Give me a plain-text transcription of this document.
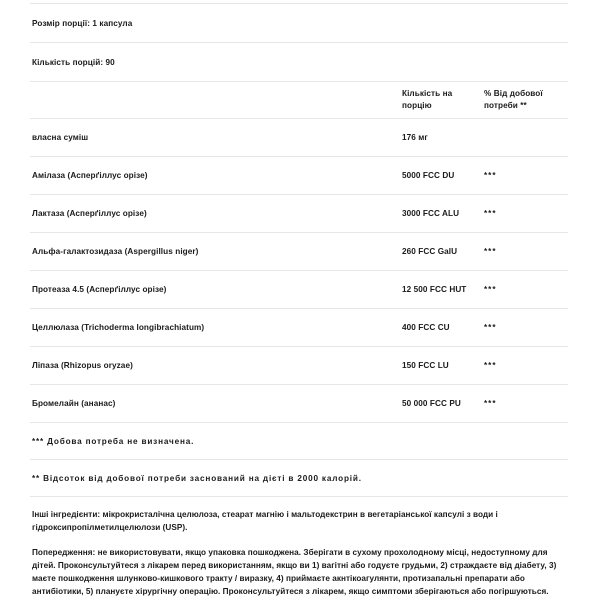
Розмір порції: 1 капсула		
Кількість порцій: 90		

	Кількість на порцію	% Від добової потреби **

власна суміш	176 мг	
Амілаза (Асперґіллус орізе)	5000 FCC DU	***
Лактаза (Асперґіллус орізе)	3000 FCC ALU	***
Альфа-галактозидаза (Aspergillus niger)	260 FCC GalU	***
Протеаза 4.5 (Асперґіллус орізе)	12 500 FCC HUT	***
Целлюлаза (Trichoderma longibrachiatum)	400 FCC CU	***
Ліпаза (Rhizopus oryzae)	150 FCC LU	***
Бромелайн (ананас)	50 000 FCC PU	***
*** Добова потреба не визначена.		
** Відсоток від добової потреби заснований на дієті в 2000 калорій.		

Інші інгредієнти: мікрокристалічна целюлоза, стеарат магнію і мальтодекстрин в вегетаріанської капсулі з води і гідроксипропілметилцелюлози (USP).

Попередження: не використовувати, якщо упаковка пошкоджена. Зберігати в сухому прохолодному місці, недоступному для дітей. Проконсультуйтеся з лікарем перед використанням, якщо ви 1) вагітні або годуєте грудьми, 2) страждаєте від діабету, 3) маєте пошкодження шлунково-кишкового тракту / виразку, 4) приймаєте акнтікоагулянти, протизапальні препарати або антибіотики, 5) плануєте хірургічну операцію. Проконсультуйтеся з лікарем, якщо симптоми зберігаються або погіршуються.
